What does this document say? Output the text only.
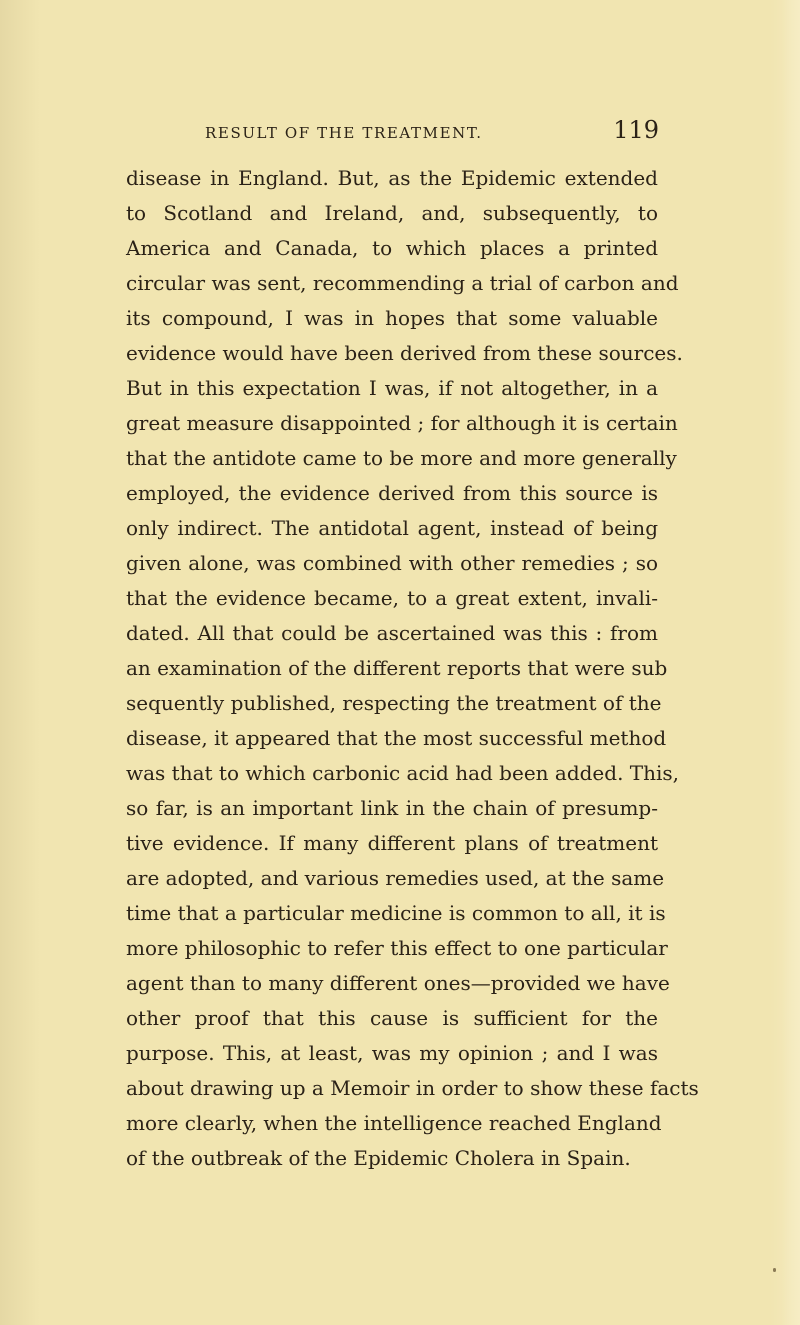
RESULT OF THE TREATMENT.	119
disease in England. But, as the Epidemic extended
to Scotland and Ireland, and, subsequently, to
America and Canada, to which places a printed
circular was sent, recommending a trial of carbon and
its compound, I was in hopes that some valuable
evidence would have been derived from these sources.
But in this expectation I was, if not altogether, in a
great measure disappointed ; for although it is certain
that the antidote came to be more and more generally
employed, the evidence derived from this source is
only indirect. The antidotal agent, instead of being
given alone, was combined with other remedies ; so
that the evidence became, to a great extent, invali-
dated. All that could be ascertained was this : from
an examination of the different reports that were sub
sequently published, respecting the treatment of the
disease, it appeared that the most successful method
was that to which carbonic acid had been added. This,
so far, is an important link in the chain of presump-
tive evidence. If many different plans of treatment
are adopted, and various remedies used, at the same
time that a particular medicine is common to all, it is
more philosophic to refer this effect to one particular
agent than to many different ones—provided we have
other proof that this cause is sufficient for the
purpose. This, at least, was my opinion ; and I was
about drawing up a Memoir in order to show these facts
more clearly, when the intelligence reached England
of the outbreak of the Epidemic Cholera in Spain.
